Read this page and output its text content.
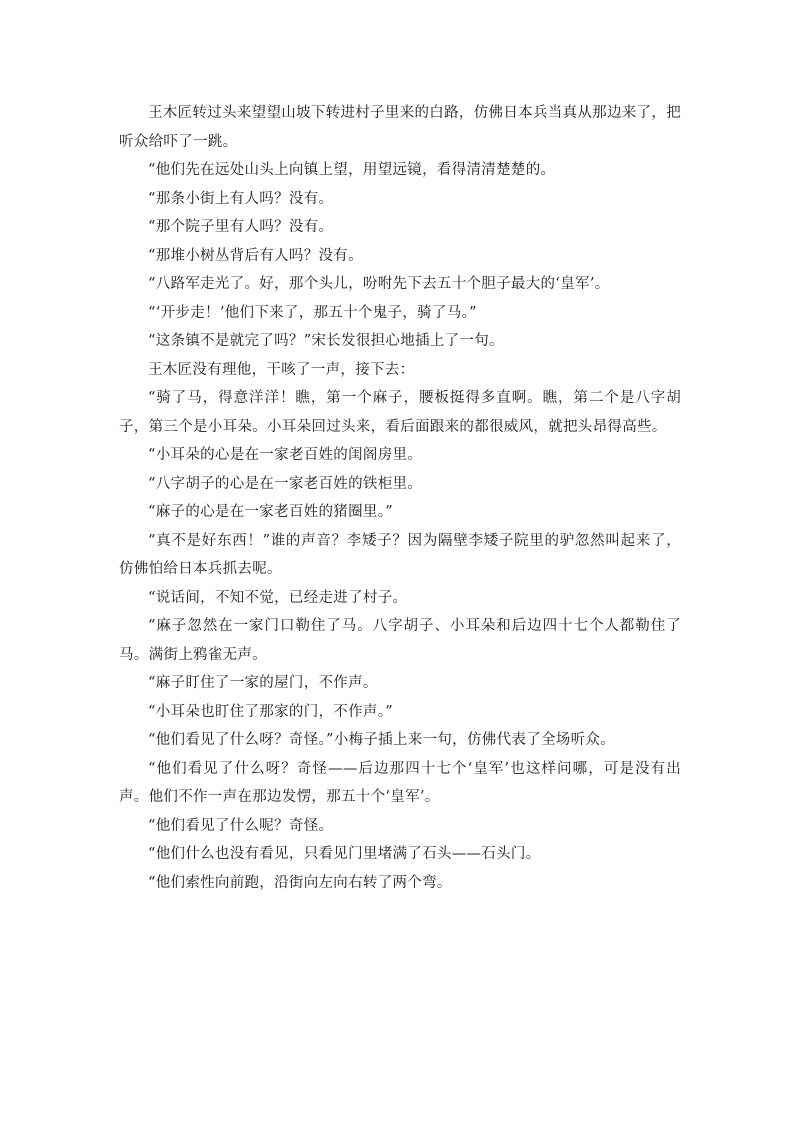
王木匠转过头来望望山坡下转进村子里来的白路，仿佛日本兵当真从那边来了，把听众给吓了一跳。

“他们先在远处山头上向镇上望，用望远镜，看得清清楚楚的。

“那条小街上有人吗？没有。

“那个院子里有人吗？没有。

“那堆小树丛背后有人吗？没有。

“八路军走光了。好，那个头儿，吩咐先下去五十个胆子最大的‘皇军’。

“‘开步走！’他们下来了，那五十个鬼子，骑了马。”

“这条镇不是就完了吗？”宋长发很担心地插上了一句。

王木匠没有理他，干咳了一声，接下去：

“骑了马，得意洋洋！瞧，第一个麻子，腰板挺得多直啊。瞧，第二个是八字胡子，第三个是小耳朵。小耳朵回过头来，看后面跟来的都很威风，就把头昂得高些。

“小耳朵的心是在一家老百姓的闺阁房里。

“八字胡子的心是在一家老百姓的铁柜里。

“麻子的心是在一家老百姓的猪圈里。”

“真不是好东西！”谁的声音？李矮子？因为隔壁李矮子院里的驴忽然叫起来了，仿佛怕给日本兵抓去呢。

“说话间，不知不觉，已经走进了村子。

“麻子忽然在一家门口勒住了马。八字胡子、小耳朵和后边四十七个人都勒住了马。满街上鸦雀无声。

“麻子盯住了一家的屋门，不作声。

“小耳朵也盯住了那家的门，不作声。”

“他们看见了什么呀？奇怪。”小梅子插上来一句，仿佛代表了全场听众。

“他们看见了什么呀？奇怪——后边那四十七个‘皇军’也这样问哪，可是没有出声。他们不作一声在那边发愣，那五十个‘皇军’。

“他们看见了什么呢？奇怪。

“他们什么也没有看见，只看见门里堵满了石头——石头门。

“他们索性向前跑，沿街向左向右转了两个弯。
